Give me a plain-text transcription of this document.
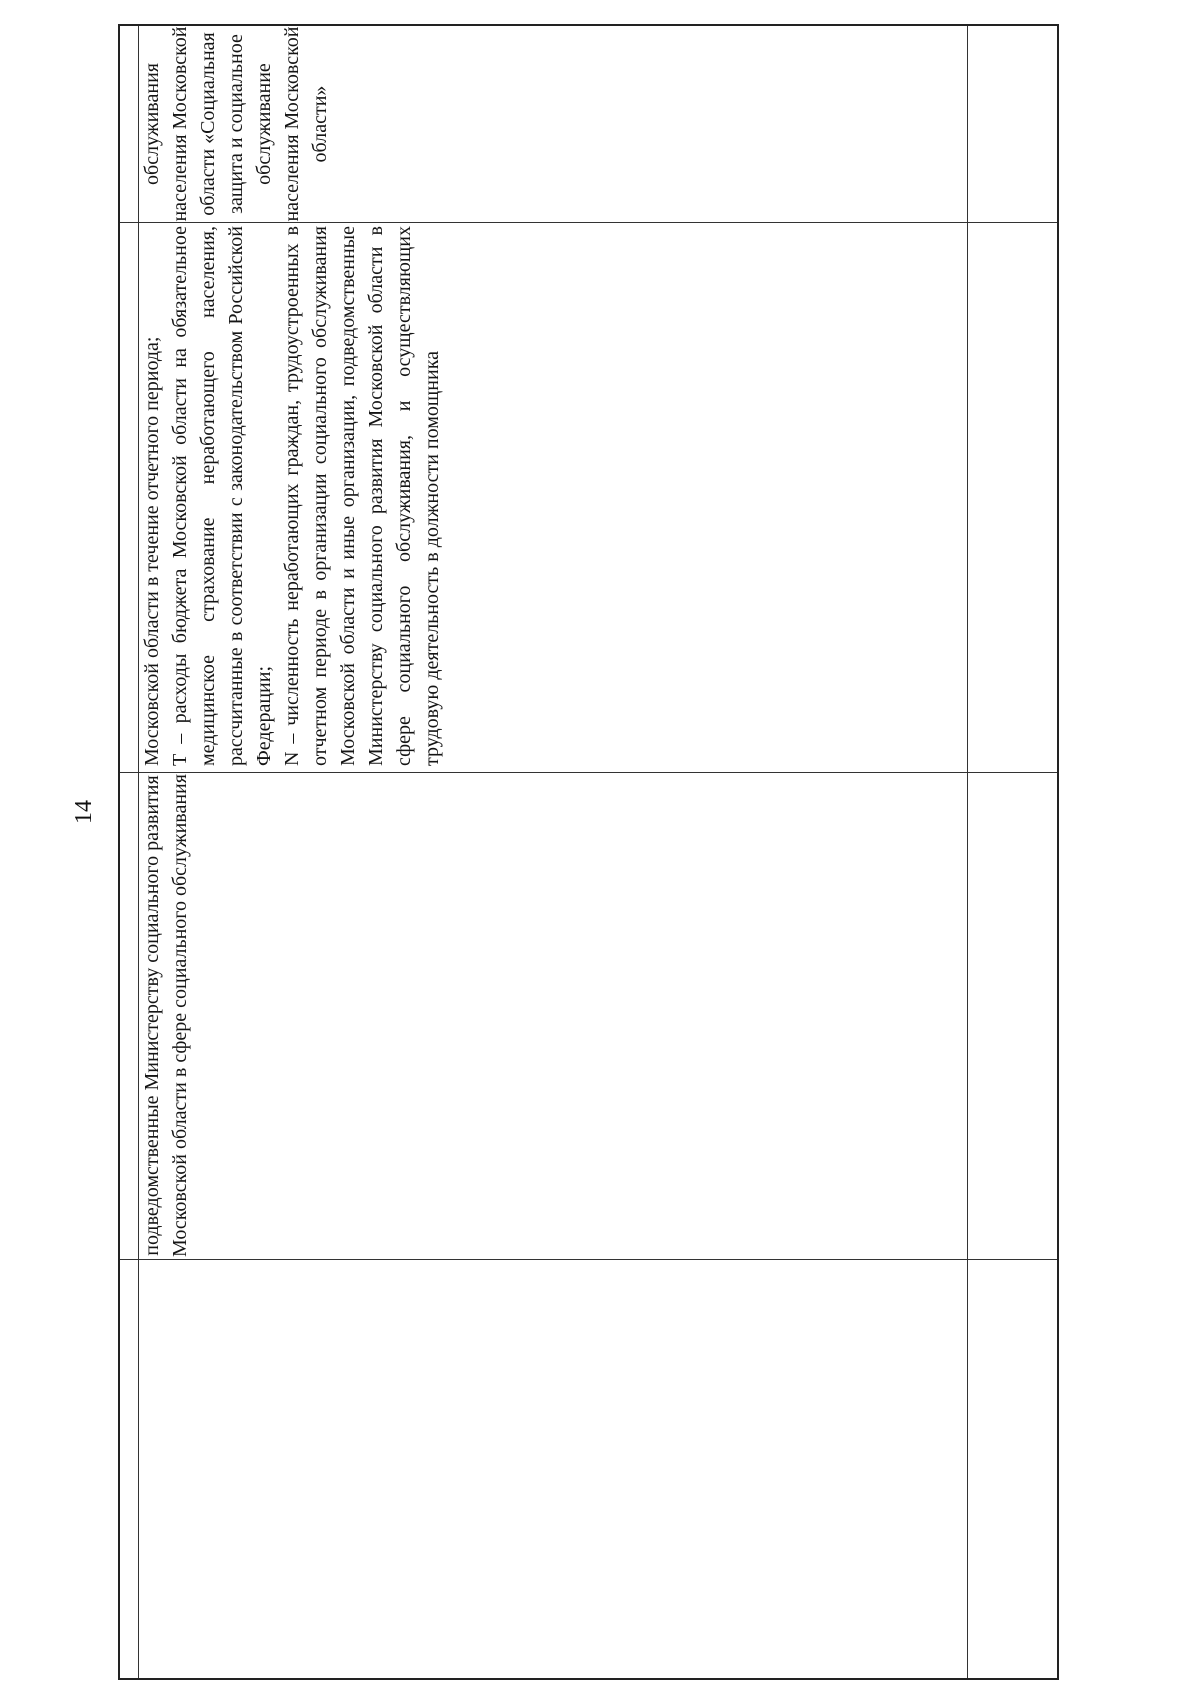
14 подведомственные Министерству социального развития Московской области в сфере социального обслуживания

Московской области в течение отчетного периода; T – расходы бюджета Московской области на обязательное медицинское страхование неработающего населения, рассчитанные в соответствии с законодательством Российской Федерации; N – численность неработающих граждан, трудоустроенных в отчетном периоде в организации социального обслуживания Московской области и иные организации, подведомственные Министерству социального развития Московской области в сфере социального обслуживания, и осуществляющих трудовую деятельность в должности помощника

обслуживания населения Московской области «Социальная защита и социальное обслуживание населения Московской области»
